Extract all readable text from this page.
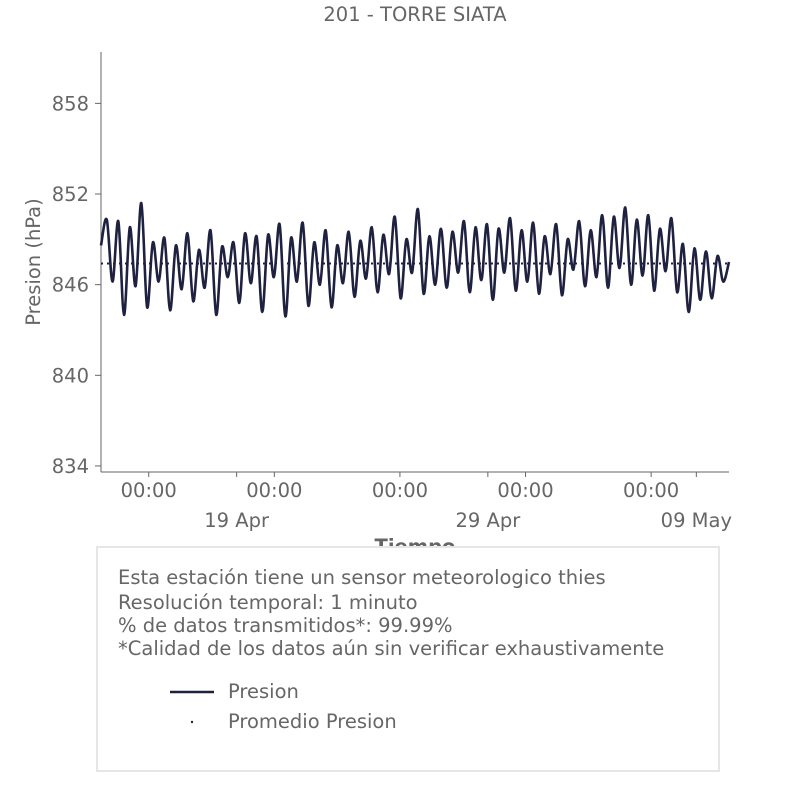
201 - TORRE SIATA
Presion (hPa)
834
840
846
852
858
00:00	00:00	00:00	00:00	00:00
19 Apr	29 Apr	09 May
Esta estación tiene un sensor meteorologico thies
Resolución temporal: 1 minuto
% de datos transmitidos*: 99.99%
*Calidad de los datos aún sin verificar exhaustivamente
Presion
Promedio Presion
